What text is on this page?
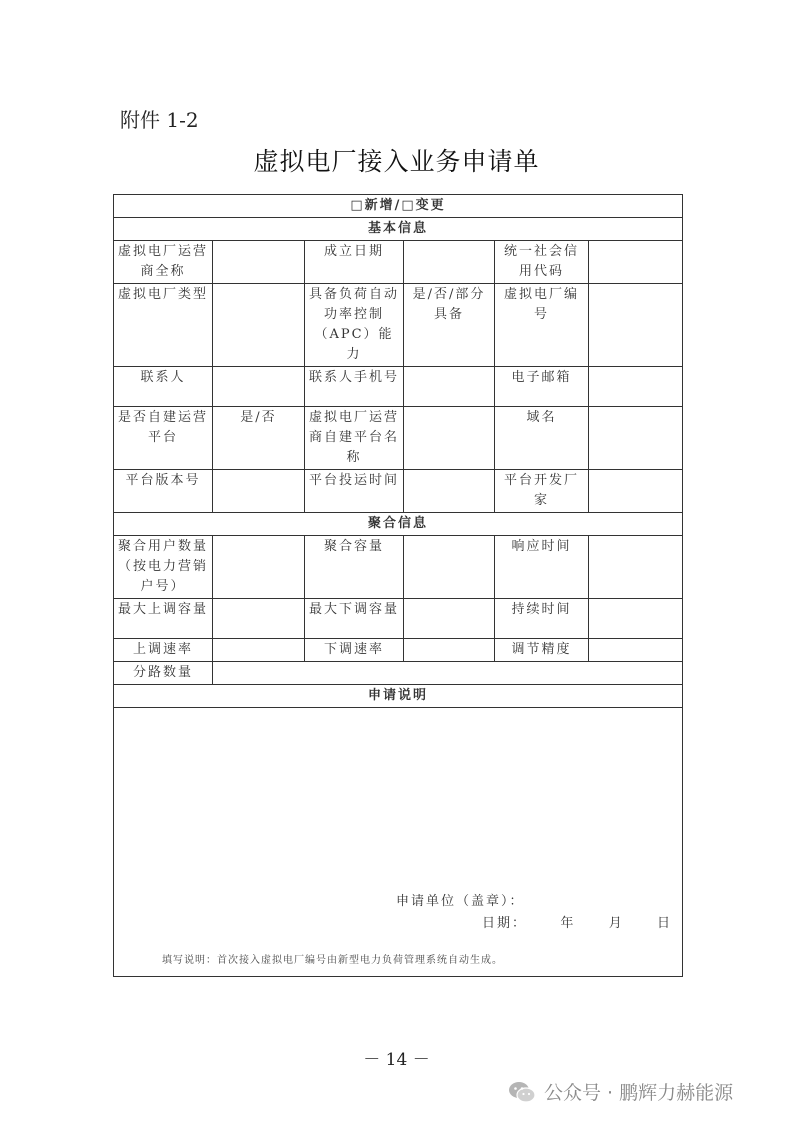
附件 1-2
虚拟电厂接入业务申请单
□新增/□变更					
基本信息					
虚拟电厂运营商全称		成立日期		统一社会信用代码	
虚拟电厂类型		具备负荷自动功率控制（APC）能力	是/否/部分具备	虚拟电厂编号	
联系人		联系人手机号		电子邮箱	
是否自建运营平台	是/否	虚拟电厂运营商自建平台名称		域名	
平台版本号		平台投运时间		平台开发厂家	
聚合信息					
聚合用户数量（按电力营销户号）		聚合容量		响应时间	
最大上调容量		最大下调容量		持续时间	
上调速率		下调速率		调节精度	
分路数量					
申请说明					

申请单位（盖章）：
日期： 年 月 日					
填写说明：首次接入虚拟电厂编号由新型电力负荷管理系统自动生成。
－ 14 －
公众号 · 鹏辉力赫能源
